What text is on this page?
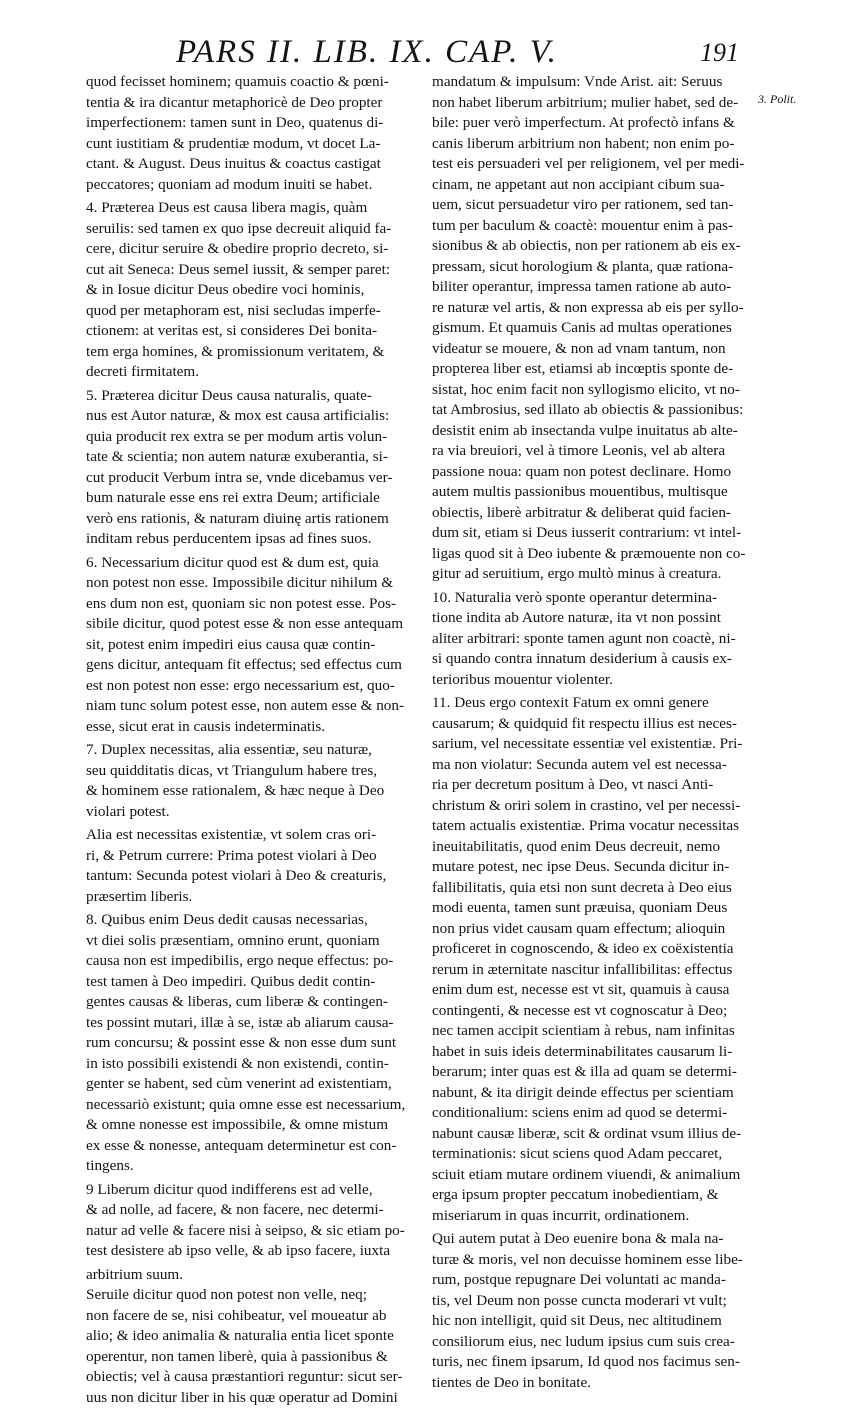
PARS II. LIB. IX. CAP. V.	191
3. Polit.
quod fecisset hominem; quamuis coactio & pœni-
tentia & ira dicantur metaphoricè de Deo propter
imperfectionem: tamen sunt in Deo, quatenus di-
cunt iustitiam & prudentiæ modum, vt docet La-
ctant. & August. Deus inuitus & coactus castigat
peccatores; quoniam ad modum inuiti se habet.
4. Præterea Deus est causa libera magis, quàm
seruilis: sed tamen ex quo ipse decreuit aliquid fa-
cere, dicitur seruire & obedire proprio decreto, si-
cut ait Seneca: Deus semel iussit, & semper paret:
& in Iosue dicitur Deus obedire voci hominis,
quod per metaphoram est, nisi secludas imperfe-
ctionem: at veritas est, si consideres Dei bonita-
tem erga homines, & promissionum veritatem, &
decreti firmitatem.
5. Præterea dicitur Deus causa naturalis, quate-
nus est Autor naturæ, & mox est causa artificialis:
quia producit rex extra se per modum artis volun-
tate & scientia; non autem naturæ exuberantia, si-
cut producit Verbum intra se, vnde dicebamus ver-
bum naturale esse ens rei extra Deum; artificiale
verò ens rationis, & naturam diuinę artis rationem
inditam rebus perducentem ipsas ad fines suos.
6. Necessarium dicitur quod est & dum est, quia
non potest non esse. Impossibile dicitur nihilum &
ens dum non est, quoniam sic non potest esse. Pos-
sibile dicitur, quod potest esse & non esse antequam
sit, potest enim impediri eius causa quæ contin-
gens dicitur, antequam fit effectus; sed effectus cum
est non potest non esse: ergo necessarium est, quo-
niam tunc solum potest esse, non autem esse & non-
esse, sicut erat in causis indeterminatis.
7. Duplex necessitas, alia essentiæ, seu naturæ,
seu quidditatis dicas, vt Triangulum habere tres,
& hominem esse rationalem, & hæc neque à Deo
violari potest.
Alia est necessitas existentiæ, vt solem cras ori-
ri, & Petrum currere: Prima potest violari à Deo
tantum: Secunda potest violari à Deo & creaturis,
præsertim liberis.
8. Quibus enim Deus dedit causas necessarias,
vt diei solis præsentiam, omnino erunt, quoniam
causa non est impedibilis, ergo neque effectus: po-
test tamen à Deo impediri. Quibus dedit contin-
gentes causas & liberas, cum liberæ & contingen-
tes possint mutari, illæ à se, istæ ab aliarum causa-
rum concursu; & possint esse & non esse dum sunt
in isto possibili existendi & non existendi, contin-
genter se habent, sed cùm venerint ad existentiam,
necessariò existunt; quia omne esse est necessarium,
& omne nonesse est impossibile, & omne mistum
ex esse & nonesse, antequam determinetur est con-
tingens.
9 Liberum dicitur quod indifferens est ad velle,
& ad nolle, ad facere, & non facere, nec determi-
natur ad velle & facere nisi à seipso, & sic etiam po-
test desistere ab ipso velle, & ab ipso facere, iuxta
arbitrium suum.
Seruile dicitur quod non potest non velle, neq;
non facere de se, nisi cohibeatur, vel moueatur ab
alio; & ideo animalia & naturalia entia licet sponte
operentur, non tamen liberè, quia à passionibus &
obiectis; vel à causa præstantiori reguntur: sicut ser-
uus non dicitur liber in his quæ operatur ad Domini
mandatum & impulsum: Vnde Arist. ait: Seruus
non habet liberum arbitrium; mulier habet, sed de-
bile: puer verò imperfectum. At profectò infans &
canis liberum arbitrium non habent; non enim po-
test eis persuaderi vel per religionem, vel per medi-
cinam, ne appetant aut non accipiant cibum sua-
uem, sicut persuadetur viro per rationem, sed tan-
tum per baculum & coactè: mouentur enim à pas-
sionibus & ab obiectis, non per rationem ab eis ex-
pressam, sicut horologium & planta, quæ rationa-
biliter operantur, impressa tamen ratione ab auto-
re naturæ vel artis, & non expressa ab eis per syllo-
gismum. Et quamuis Canis ad multas operationes
videatur se mouere, & non ad vnam tantum, non
propterea liber est, etiamsi ab incœptis sponte de-
sistat, hoc enim facit non syllogismo elicito, vt no-
tat Ambrosius, sed illato ab obiectis & passionibus:
desistit enim ab insectanda vulpe inuitatus ab alte-
ra via breuiori, vel à timore Leonis, vel ab altera
passione noua: quam non potest declinare. Homo
autem multis passionibus mouentibus, multisque
obiectis, liberè arbitratur & deliberat quid facien-
dum sit, etiam si Deus iusserit contrarium: vt intel-
ligas quod sit à Deo iubente & præmouente non co-
gitur ad seruitium, ergo multò minus à creatura.
10. Naturalia verò sponte operantur determina-
tione indita ab Autore naturæ, ita vt non possint
aliter arbitrari: sponte tamen agunt non coactè, ni-
si quando contra innatum desiderium à causis ex-
terioribus mouentur violenter.
11. Deus ergo contexit Fatum ex omni genere
causarum; & quidquid fit respectu illius est neces-
sarium, vel necessitate essentiæ vel existentiæ. Pri-
ma non violatur: Secunda autem vel est necessa-
ria per decretum positum à Deo, vt nasci Anti-
christum & oriri solem in crastino, vel per necessi-
tatem actualis existentiæ. Prima vocatur necessitas
ineuitabilitatis, quod enim Deus decreuit, nemo
mutare potest, nec ipse Deus. Secunda dicitur in-
fallibilitatis, quia etsi non sunt decreta à Deo eius
modi euenta, tamen sunt præuisa, quoniam Deus
non prius videt causam quam effectum; alioquin
proficeret in cognoscendo, & ideo ex coëxistentia
rerum in æternitate nascitur infallibilitas: effectus
enim dum est, necesse est vt sit, quamuis à causa
contingenti, & necesse est vt cognoscatur à Deo;
nec tamen accipit scientiam à rebus, nam infinitas
habet in suis ideis determinabilitates causarum li-
berarum; inter quas est & illa ad quam se determi-
nabunt, & ita dirigit deinde effectus per scientiam
conditionalium: sciens enim ad quod se determi-
nabunt causæ liberæ, scit & ordinat vsum illius de-
terminationis: sicut sciens quod Adam peccaret,
sciuit etiam mutare ordinem viuendi, & animalium
erga ipsum propter peccatum inobedientiam, &
miseriarum in quas incurrit, ordinationem.
Qui autem putat à Deo euenire bona & mala na-
turæ & moris, vel non decuisse hominem esse libe-
rum, postque repugnare Dei voluntati ac manda-
tis, vel Deum non posse cuncta moderari vt vult;
hic non intelligit, quid sit Deus, nec altitudinem
consiliorum eius, nec ludum ipsius cum suis crea-
turis, nec finem ipsarum, Id quod nos facimus sen-
tientes de Deo in bonitate.
